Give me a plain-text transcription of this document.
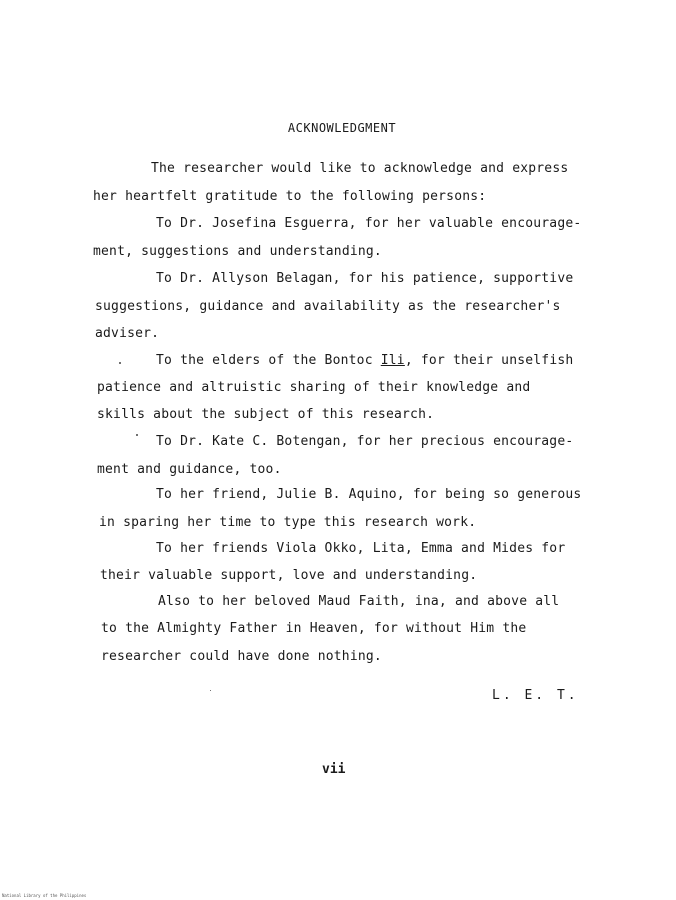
ACKNOWLEDGMENT
The researcher would like to acknowledge and express
her heartfelt gratitude to the following persons:
To Dr. Josefina Esguerra, for her valuable encourage-
ment, suggestions and understanding.
To Dr. Allyson Belagan, for his patience, supportive
suggestions, guidance and availability as the researcher's
adviser.
To the elders of the Bontoc Ili, for their unselfish
patience and altruistic sharing of their knowledge and
skills about the subject of this research.
To Dr. Kate C. Botengan, for her precious encourage-
ment and guidance, too.
To her friend, Julie B. Aquino, for being so generous
in sparing her time to type this research work.
To her friends Viola Okko, Lita, Emma and Mides for
their valuable support, love and understanding.
Also to her beloved Maud Faith, ina, and above all
to the Almighty Father in Heaven, for without Him the
researcher could have done nothing.
L. E. T.
vii
National Library of the Philippines
